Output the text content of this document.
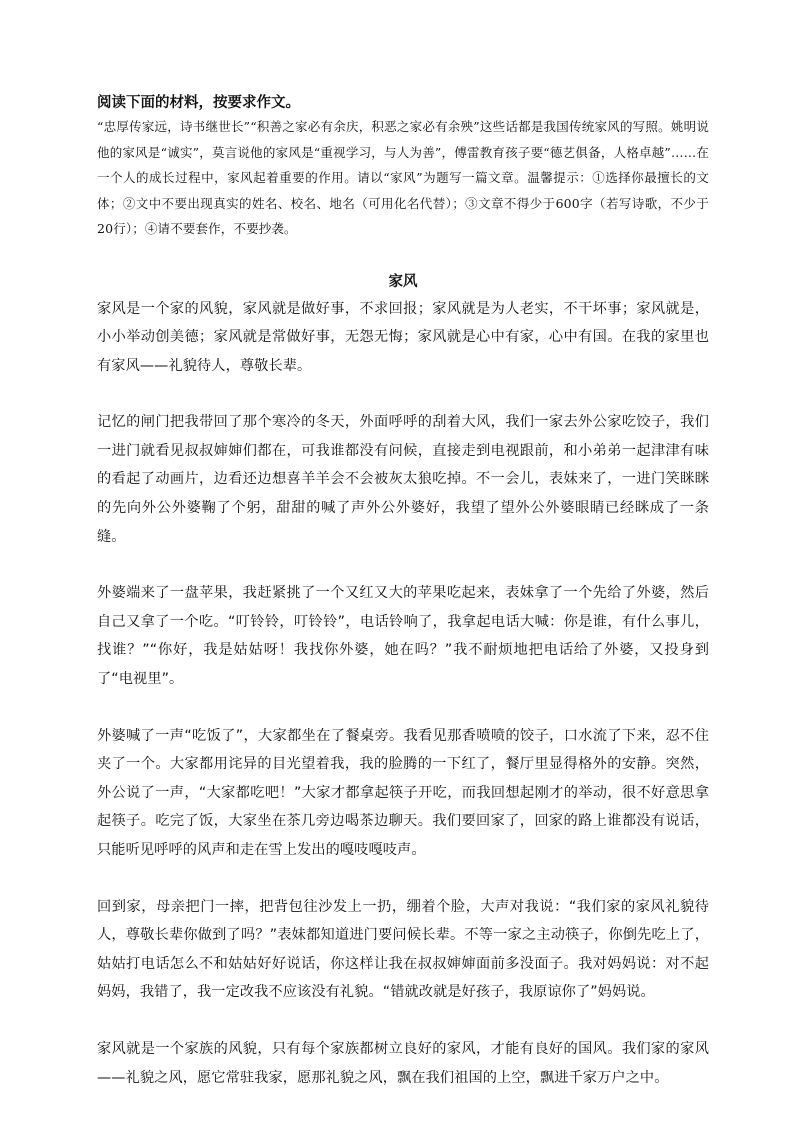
阅读下面的材料，按要求作文。

“忠厚传家远，诗书继世长”“积善之家必有余庆，积恶之家必有余殃”这些话都是我国传统家风的写照。姚明说他的家风是“诚实”，莫言说他的家风是“重视学习，与人为善”，傅雷教育孩子要“德艺俱备，人格卓越”……在一个人的成长过程中，家风起着重要的作用。请以“家风”为题写一篇文章。温馨提示：①选择你最擅长的文体；②文中不要出现真实的姓名、校名、地名（可用化名代替）；③文章不得少于600字（若写诗歌，不少于20行）；④请不要套作，不要抄袭。

家风

家风是一个家的风貌，家风就是做好事，不求回报；家风就是为人老实，不干坏事；家风就是，小小举动创美德；家风就是常做好事，无怨无悔；家风就是心中有家，心中有国。在我的家里也有家风——礼貌待人，尊敬长辈。

记忆的闸门把我带回了那个寒冷的冬天，外面呼呼的刮着大风，我们一家去外公家吃饺子，我们一进门就看见叔叔婶婶们都在，可我谁都没有问候，直接走到电视跟前，和小弟弟一起津津有味的看起了动画片，边看还边想喜羊羊会不会被灰太狼吃掉。不一会儿，表妹来了，一进门笑眯眯的先向外公外婆鞠了个躬，甜甜的喊了声外公外婆好，我望了望外公外婆眼睛已经眯成了一条缝。

外婆端来了一盘苹果，我赶紧挑了一个又红又大的苹果吃起来，表妹拿了一个先给了外婆，然后自己又拿了一个吃。“叮铃铃，叮铃铃”，电话铃响了，我拿起电话大喊：你是谁，有什么事儿，找谁？”“你好，我是姑姑呀！我找你外婆，她在吗？”我不耐烦地把电话给了外婆，又投身到了“电视里”。

外婆喊了一声“吃饭了”，大家都坐在了餐桌旁。我看见那香喷喷的饺子，口水流了下来，忍不住夹了一个。大家都用诧异的目光望着我，我的脸腾的一下红了，餐厅里显得格外的安静。突然，外公说了一声，“大家都吃吧！”大家才都拿起筷子开吃，而我回想起刚才的举动，很不好意思拿起筷子。吃完了饭，大家坐在茶几旁边喝茶边聊天。我们要回家了，回家的路上谁都没有说话，只能听见呼呼的风声和走在雪上发出的嘎吱嘎吱声。

回到家，母亲把门一摔，把背包往沙发上一扔，绷着个脸，大声对我说：“我们家的家风礼貌待人，尊敬长辈你做到了吗？”表妹都知道进门要问候长辈。不等一家之主动筷子，你倒先吃上了，姑姑打电话怎么不和姑姑好好说话，你这样让我在叔叔婶婶面前多没面子。我对妈妈说：对不起妈妈，我错了，我一定改我不应该没有礼貌。“错就改就是好孩子，我原谅你了”妈妈说。

家风就是一个家族的风貌，只有每个家族都树立良好的家风，才能有良好的国风。我们家的家风——礼貌之风，愿它常驻我家，愿那礼貌之风，飘在我们祖国的上空，飘进千家万户之中。
